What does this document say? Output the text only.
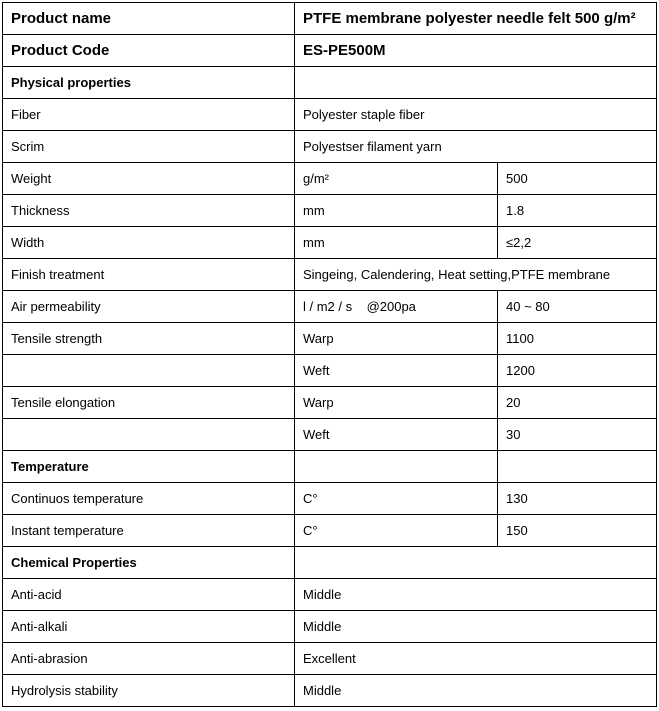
Product name	PTFE membrane polyester needle felt 500 g/m²	
Product Code	ES-PE500M	
Physical properties		
Fiber	Polyester staple fiber	
Scrim	Polyestser filament yarn	
Weight	g/m²	500
Thickness	mm	1.8
Width	mm	≤2,2
Finish treatment	Singeing, Calendering, Heat setting,PTFE membrane	
Air permeability	l / m2 / s    @200pa	40 ~ 80
Tensile strength	Warp	1100
	Weft	1200
Tensile elongation	Warp	20
	Weft	30
Temperature		
Continuos temperature	C°	130
Instant temperature	C°	150
Chemical Properties		
Anti-acid	Middle	
Anti-alkali	Middle	
Anti-abrasion	Excellent	
Hydrolysis stability	Middle	
